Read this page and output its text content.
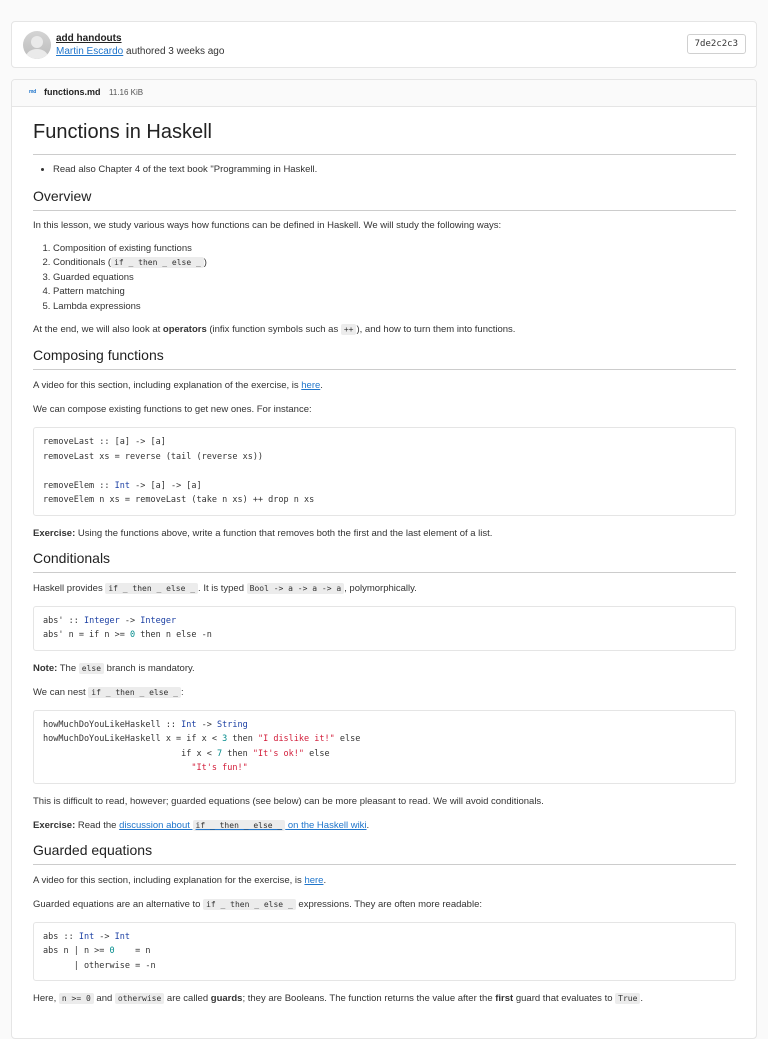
add handouts
Martin Escardo authored 3 weeks ago
7de2c2c3
md functions.md 11.16 KiB
Functions in Haskell
• Read also Chapter 4 of the text book "Programming in Haskell.
Overview

In this lesson, we study various ways how functions can be defined in Haskell. We will study the following ways:

1. Composition of existing functions
2. Conditionals ( if _ then _ else _ )
3. Guarded equations
4. Pattern matching
5. Lambda expressions

At the end, we will also look at operators (infix function symbols such as ++ ), and how to turn them into functions.

Composing functions

A video for this section, including explanation of the exercise, is here.

We can compose existing functions to get new ones. For instance:

removeLast :: [a] -> [a]
removeLast xs = reverse (tail (reverse xs))

removeElem :: Int -> [a] -> [a]
removeElem n xs = removeLast (take n xs) ++ drop n xs

Exercise: Using the functions above, write a function that removes both the first and the last element of a list.

Conditionals

Haskell provides if _ then _ else _ . It is typed Bool -> a -> a -> a , polymorphically.

abs' :: Integer -> Integer
abs' n = if n >= 0 then n else -n

Note: The else branch is mandatory.

We can nest if _ then _ else _ :

howMuchDoYouLikeHaskell :: Int -> String
howMuchDoYouLikeHaskell x = if x < 3 then "I dislike it!" else
if x < 7 then "It's ok!" else
"It's fun!"

This is difficult to read, however; guarded equations (see below) can be more pleasant to read. We will avoid conditionals.

Exercise: Read the discussion about if _ then _ else _ on the Haskell wiki.

Guarded equations

A video for this section, including explanation for the exercise, is here.

Guarded equations are an alternative to if _ then _ else _ expressions. They are often more readable:

abs :: Int -> Int
abs n | n >= 0    = n
| otherwise = -n

Here, n >= 0 and otherwise are called guards; they are Booleans. The function returns the value after the first guard that evaluates to True .
